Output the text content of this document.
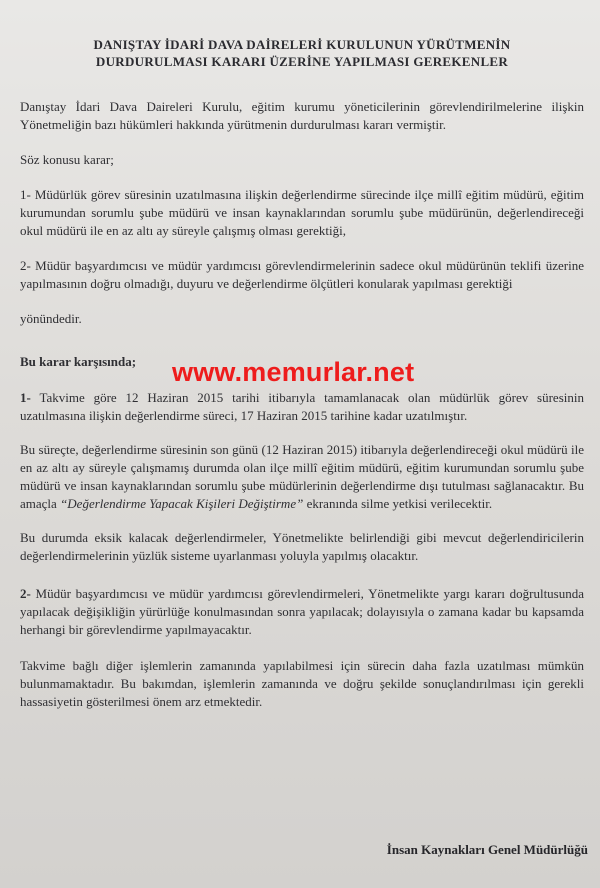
DANIŞTAY İDARİ DAVA DAİRELERİ KURULUNUN YÜRÜTMENİN
DURDURULMASI KARARI ÜZERİNE YAPILMASI GEREKENLER

Danıştay İdari Dava Daireleri Kurulu, eğitim kurumu yöneticilerinin görevlendirilmelerine ilişkin Yönetmeliğin bazı hükümleri hakkında yürütmenin durdurulması kararı vermiştir.

Söz konusu karar;

1- Müdürlük görev süresinin uzatılmasına ilişkin değerlendirme sürecinde ilçe millî eğitim müdürü, eğitim kurumundan sorumlu şube müdürü ve insan kaynaklarından sorumlu şube müdürünün, değerlendireceği okul müdürü ile en az altı ay süreyle çalışmış olması gerektiği,

2- Müdür başyardımcısı ve müdür yardımcısı görevlendirmelerinin sadece okul müdürünün teklifi üzerine yapılmasının doğru olmadığı, duyuru ve değerlendirme ölçütleri konularak yapılması gerektiği

yönündedir.

Bu karar karşısında;

1- Takvime göre 12 Haziran 2015 tarihi itibarıyla tamamlanacak olan müdürlük görev süresinin uzatılmasına ilişkin değerlendirme süreci, 17 Haziran 2015 tarihine kadar uzatılmıştır.

Bu süreçte, değerlendirme süresinin son günü (12 Haziran 2015) itibarıyla değerlendireceği okul müdürü ile en az altı ay süreyle çalışmamış durumda olan ilçe millî eğitim müdürü, eğitim kurumundan sorumlu şube müdürü ve insan kaynaklarından sorumlu şube müdürlerinin değerlendirme dışı tutulması sağlanacaktır. Bu amaçla “Değerlendirme Yapacak Kişileri Değiştirme” ekranında silme yetkisi verilecektir.

Bu durumda eksik kalacak değerlendirmeler, Yönetmelikte belirlendiği gibi mevcut değerlendiricilerin değerlendirmelerinin yüzlük sisteme uyarlanması yoluyla yapılmış olacaktır.

2- Müdür başyardımcısı ve müdür yardımcısı görevlendirmeleri, Yönetmelikte yargı kararı doğrultusunda yapılacak değişikliğin yürürlüğe konulmasından sonra yapılacak; dolayısıyla o zamana kadar bu kapsamda herhangi bir görevlendirme yapılmayacaktır.

Takvime bağlı diğer işlemlerin zamanında yapılabilmesi için sürecin daha fazla uzatılması mümkün bulunmamaktadır. Bu bakımdan, işlemlerin zamanında ve doğru şekilde sonuçlandırılması için gerekli hassasiyetin gösterilmesi önem arz etmektedir.

www.memurlar.net
İnsan Kaynakları Genel Müdürlüğü
